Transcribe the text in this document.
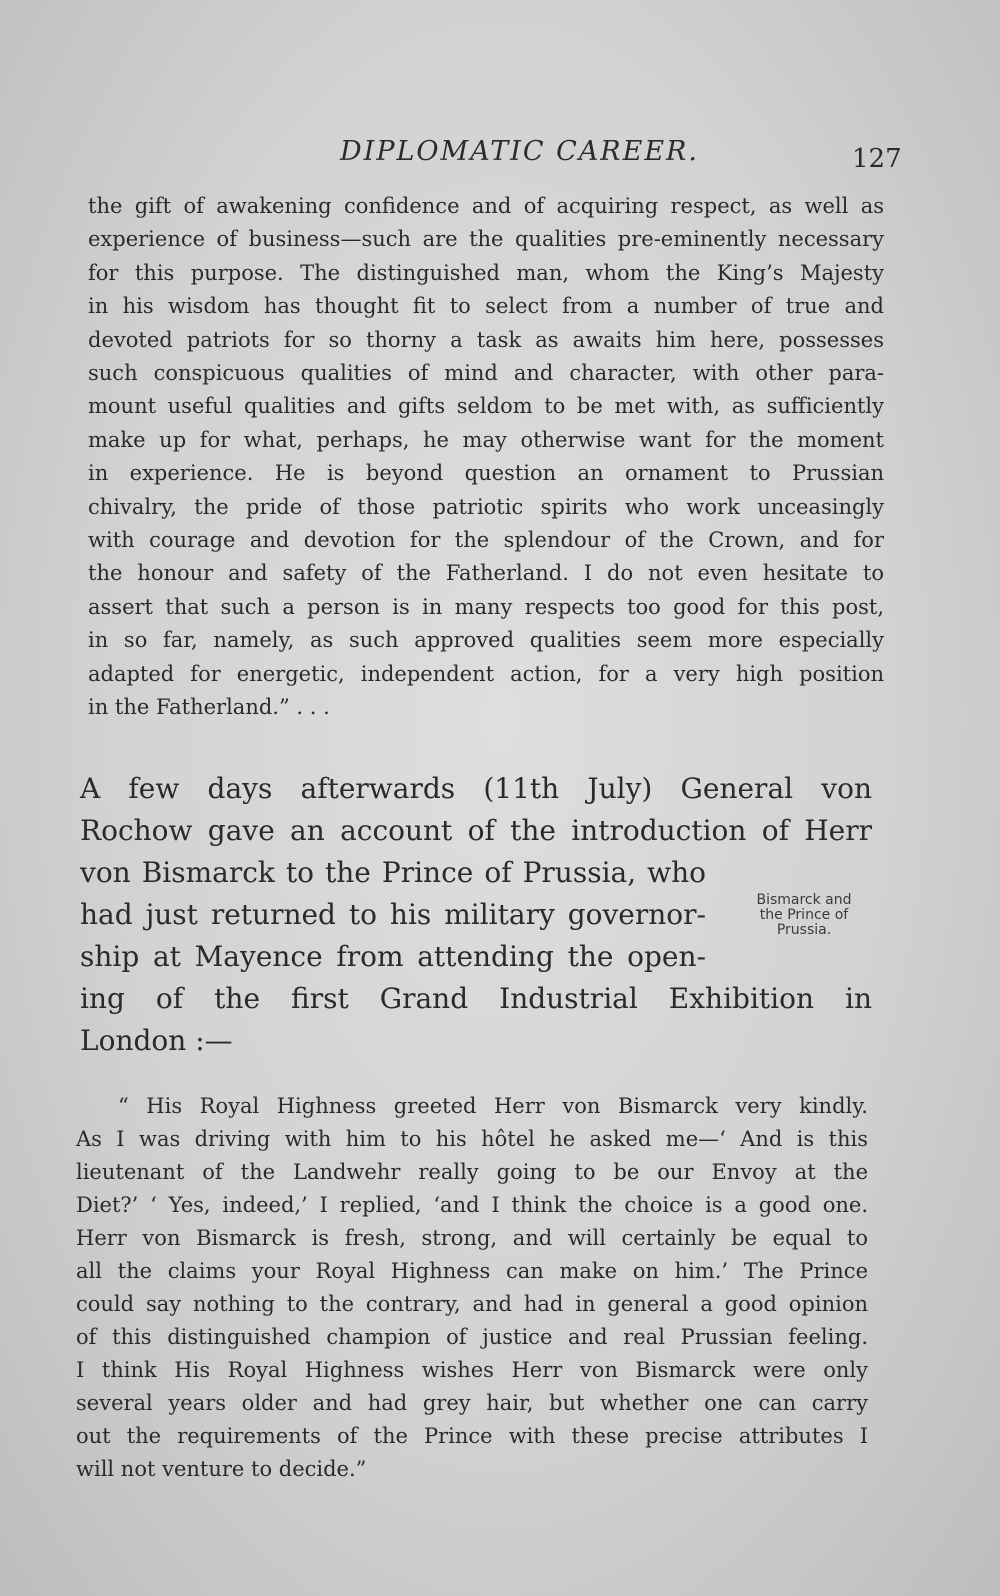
DIPLOMATIC CAREER.	127
the gift of awakening confidence and of acquiring respect, as well as
experience of business—such are the qualities pre-eminently necessary
for this purpose. The distinguished man, whom the King’s Majesty
in his wisdom has thought fit to select from a number of true and
devoted patriots for so thorny a task as awaits him here, possesses
such conspicuous qualities of mind and character, with other para-
mount useful qualities and gifts seldom to be met with, as sufficiently
make up for what, perhaps, he may otherwise want for the moment
in experience. He is beyond question an ornament to Prussian
chivalry, the pride of those patriotic spirits who work unceasingly
with courage and devotion for the splendour of the Crown, and for
the honour and safety of the Fatherland. I do not even hesitate to
assert that such a person is in many respects too good for this post,
in so far, namely, as such approved qualities seem more especially
adapted for energetic, independent action, for a very high position
in the Fatherland.” . . .
A few days afterwards (11th July) General von
Rochow gave an account of the introduction of Herr
von Bismarck to the Prince of Prussia, who
had just returned to his military governor-
ship at Mayence from attending the open-
ing of the first Grand Industrial Exhibition in
London :—
Bismarck and
the Prince of
Prussia.
“ His Royal Highness greeted Herr von Bismarck very kindly.
As I was driving with him to his hôtel he asked me—‘ And is this
lieutenant of the Landwehr really going to be our Envoy at the
Diet?’ ‘ Yes, indeed,’ I replied, ‘and I think the choice is a good one.
Herr von Bismarck is fresh, strong, and will certainly be equal to
all the claims your Royal Highness can make on him.’ The Prince
could say nothing to the contrary, and had in general a good opinion
of this distinguished champion of justice and real Prussian feeling.
I think His Royal Highness wishes Herr von Bismarck were only
several years older and had grey hair, but whether one can carry
out the requirements of the Prince with these precise attributes I
will not venture to decide.”
